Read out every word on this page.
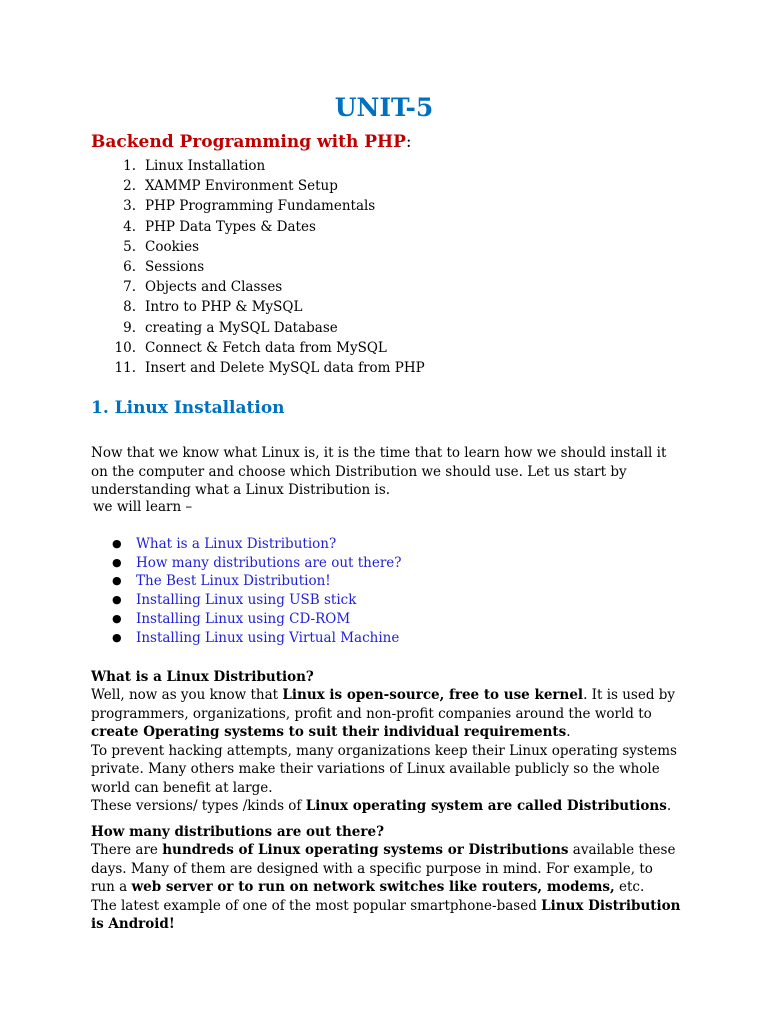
UNIT-5
Backend Programming with PHP:
1. Linux Installation
2. XAMMP Environment Setup
3. PHP Programming Fundamentals
4. PHP Data Types & Dates
5. Cookies
6. Sessions
7. Objects and Classes
8. Intro to PHP & MySQL
9. creating a MySQL Database
10. Connect & Fetch data from MySQL
11. Insert and Delete MySQL data from PHP
1. Linux Installation
Now that we know what Linux is, it is the time that to learn how we should install it on the computer and choose which Distribution we should use. Let us start by understanding what a Linux Distribution is.
we will learn –
●	What is a Linux Distribution?
●	How many distributions are out there?
●	The Best Linux Distribution!
●	Installing Linux using USB stick
●	Installing Linux using CD-ROM
●	Installing Linux using Virtual Machine
What is a Linux Distribution?
Well, now as you know that Linux is open-source, free to use kernel. It is used by programmers, organizations, profit and non-profit companies around the world to create Operating systems to suit their individual requirements.
To prevent hacking attempts, many organizations keep their Linux operating systems private. Many others make their variations of Linux available publicly so the whole world can benefit at large.
These versions/ types /kinds of Linux operating system are called Distributions.
How many distributions are out there?
There are hundreds of Linux operating systems or Distributions available these days. Many of them are designed with a specific purpose in mind. For example, to run a web server or to run on network switches like routers, modems, etc.
The latest example of one of the most popular smartphone-based Linux Distribution is Android!
